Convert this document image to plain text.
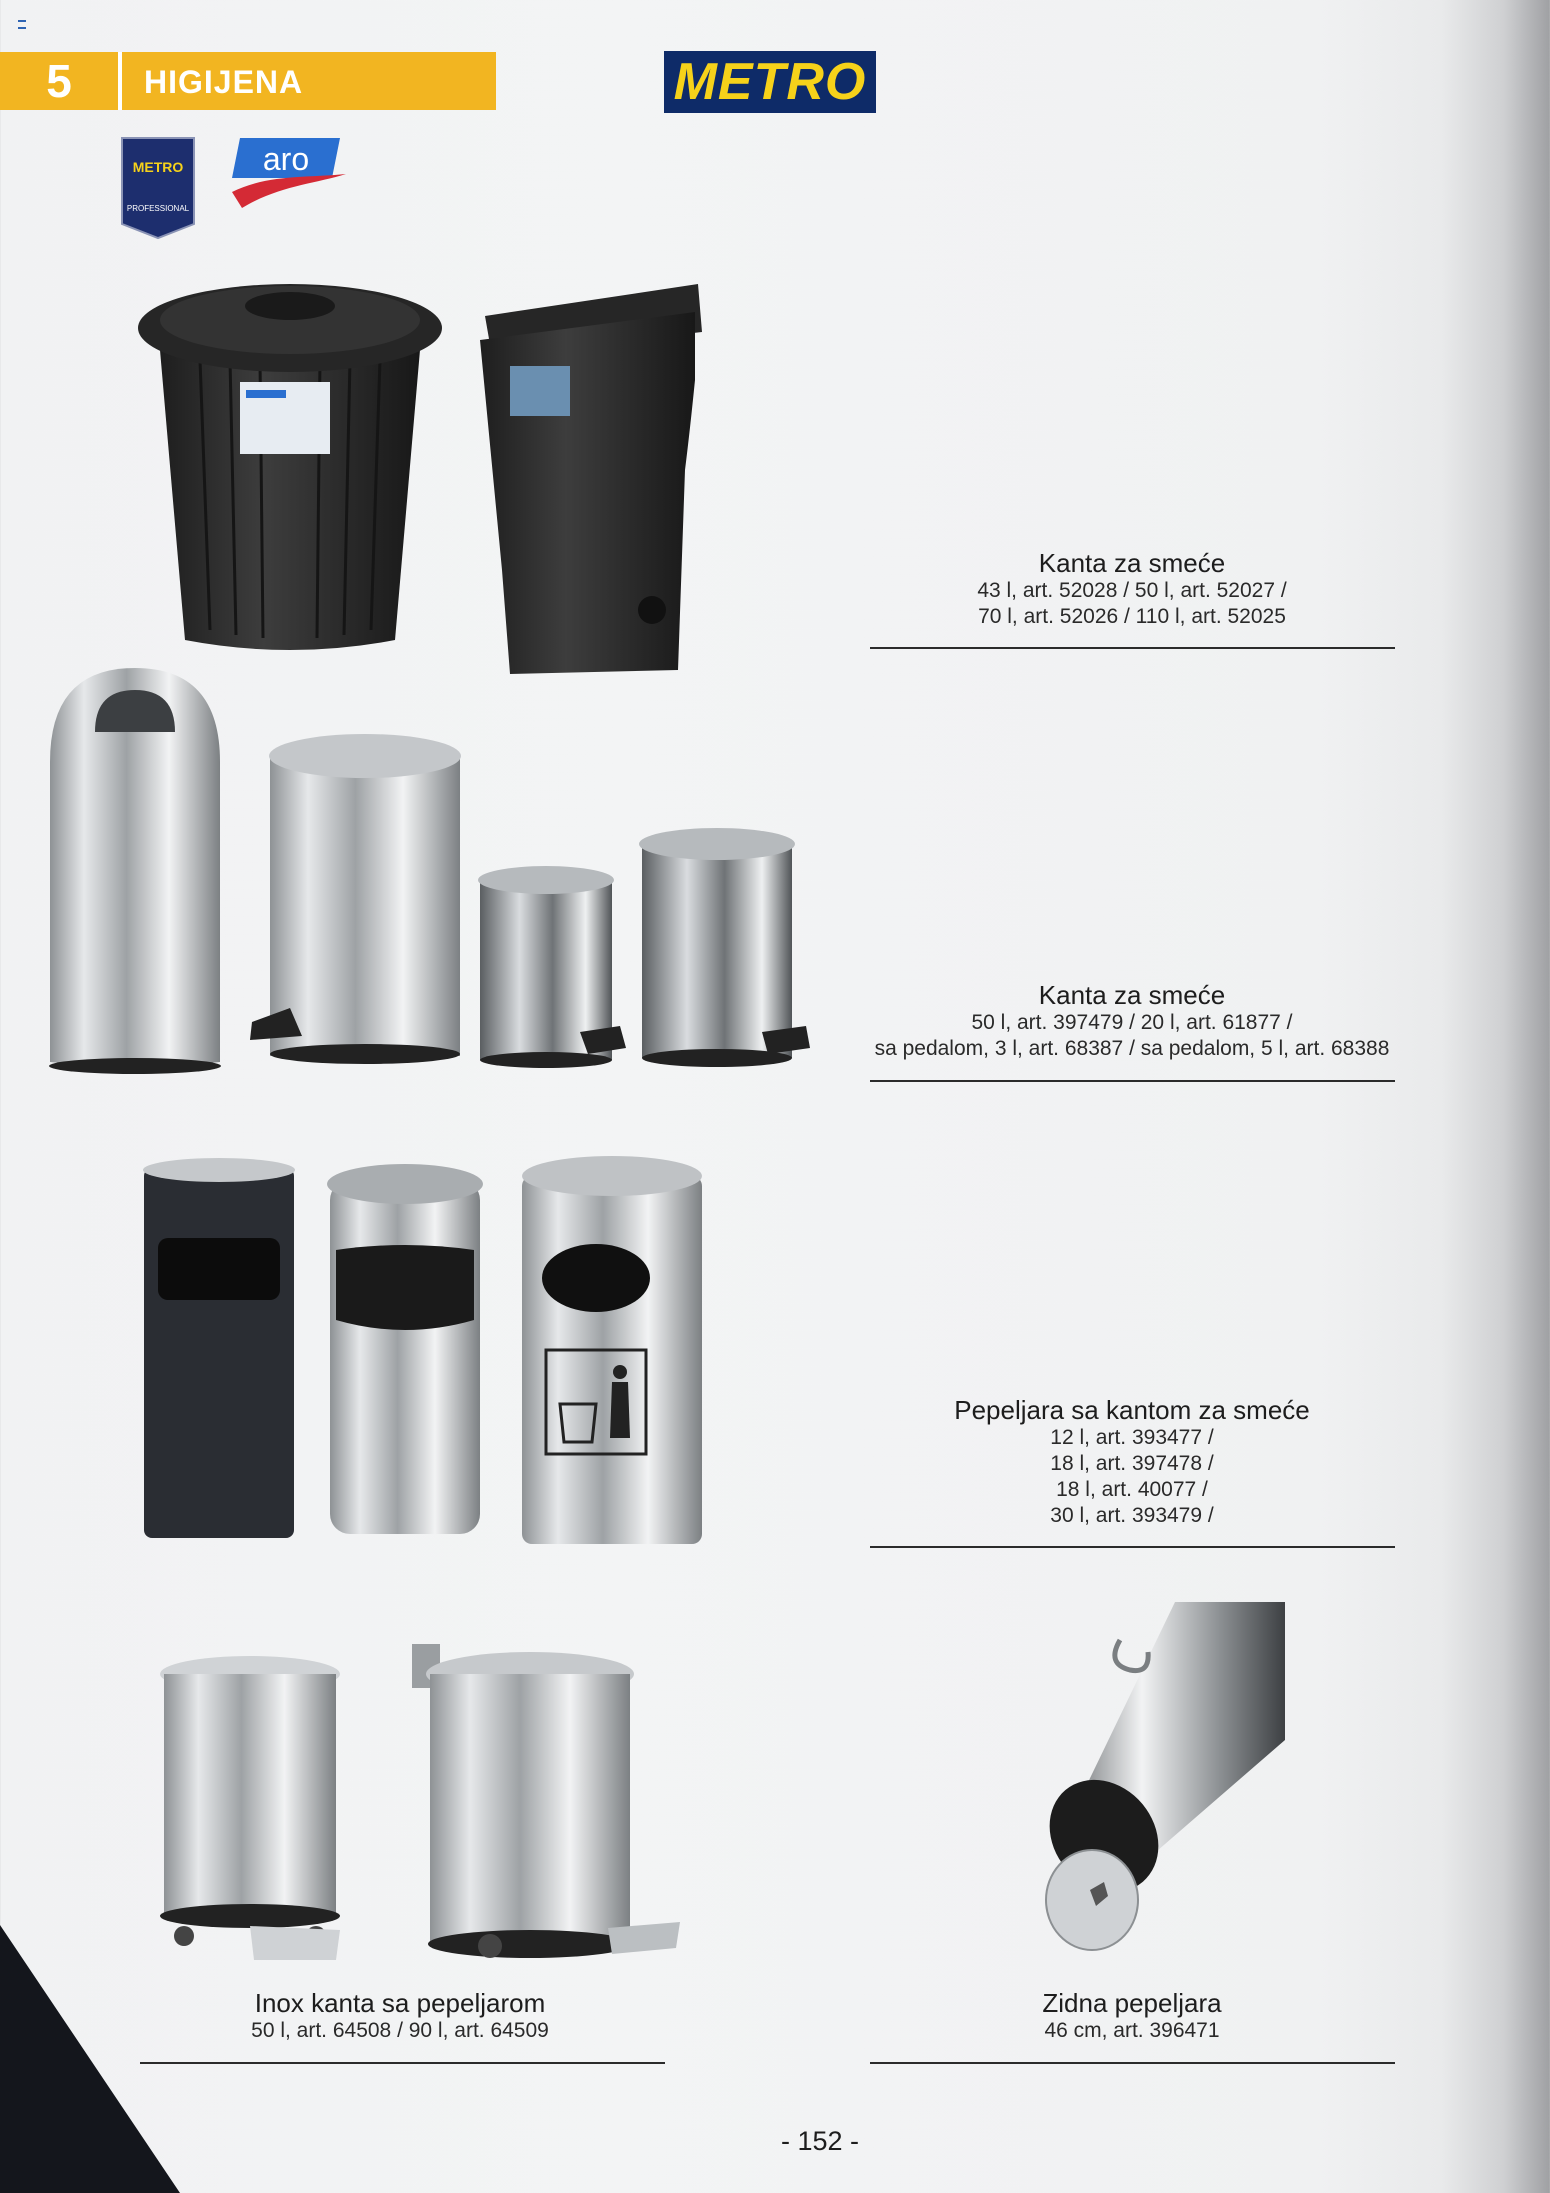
5	HIGIJENA	METRO
METRO
PROFESSIONAL
aro
Kanta za smeće
43 l, art. 52028 / 50 l, art. 52027 /
70 l, art. 52026 / 110 l, art. 52025
Kanta za smeće
50 l, art. 397479 / 20 l, art. 61877 /
sa pedalom, 3 l, art. 68387 / sa pedalom, 5 l, art. 68388
Pepeljara sa kantom za smeće
12 l, art. 393477 /
18 l, art. 397478 /
18 l, art. 40077 /
30 l, art. 393479 /
Inox kanta sa pepeljarom
50 l, art. 64508 / 90 l, art. 64509
Zidna pepeljara
46 cm, art. 396471
- 152 -
